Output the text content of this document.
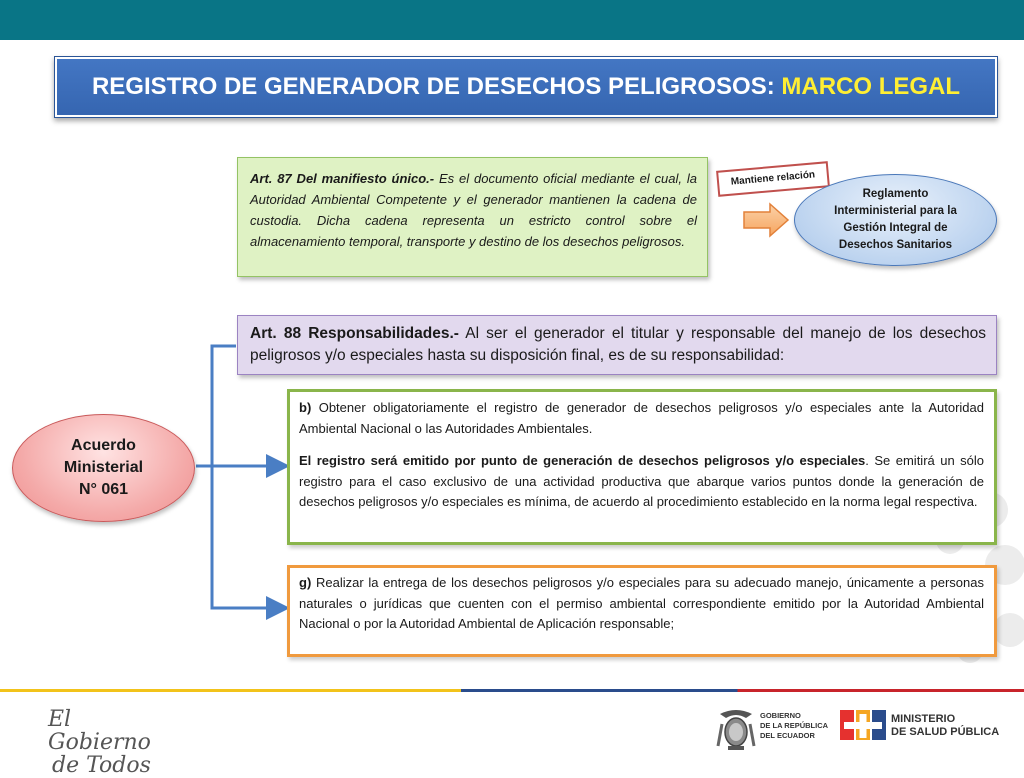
REGISTRO DE GENERADOR DE DESECHOS PELIGROSOS: MARCO LEGAL
Art. 87 Del manifiesto único.- Es el documento oficial mediante el cual, la Autoridad Ambiental Competente y el generador mantienen la cadena de custodia. Dicha cadena representa un estricto control sobre el almacenamiento temporal, transporte y destino de los desechos peligrosos.
Mantiene relación
Reglamento Interministerial para la Gestión Integral de Desechos Sanitarios
Art. 88 Responsabilidades.- Al ser el generador el titular y responsable del manejo de los desechos peligrosos y/o especiales hasta su disposición final, es de su responsabilidad:
Acuerdo
Ministerial
N° 061

b) Obtener obligatoriamente el registro de generador de desechos peligrosos y/o especiales ante la Autoridad Ambiental Nacional o las Autoridades Ambientales.

El registro será emitido por punto de generación de desechos peligrosos y/o especiales. Se emitirá un sólo registro para el caso exclusivo de una actividad productiva que abarque varios puntos donde la generación de desechos peligrosos y/o especiales es mínima, de acuerdo al procedimiento establecido en la norma legal respectiva.

g) Realizar la entrega de los desechos peligrosos y/o especiales para su adecuado manejo, únicamente a personas naturales o jurídicas que cuenten con el permiso ambiental correspondiente emitido por la Autoridad Ambiental Nacional o por la Autoridad Ambiental de Aplicación responsable;
El Gobierno
de Todos
GOBIERNO
DE LA REPÚBLICA
DEL ECUADOR
MINISTERIO
DE SALUD PÚBLICA
